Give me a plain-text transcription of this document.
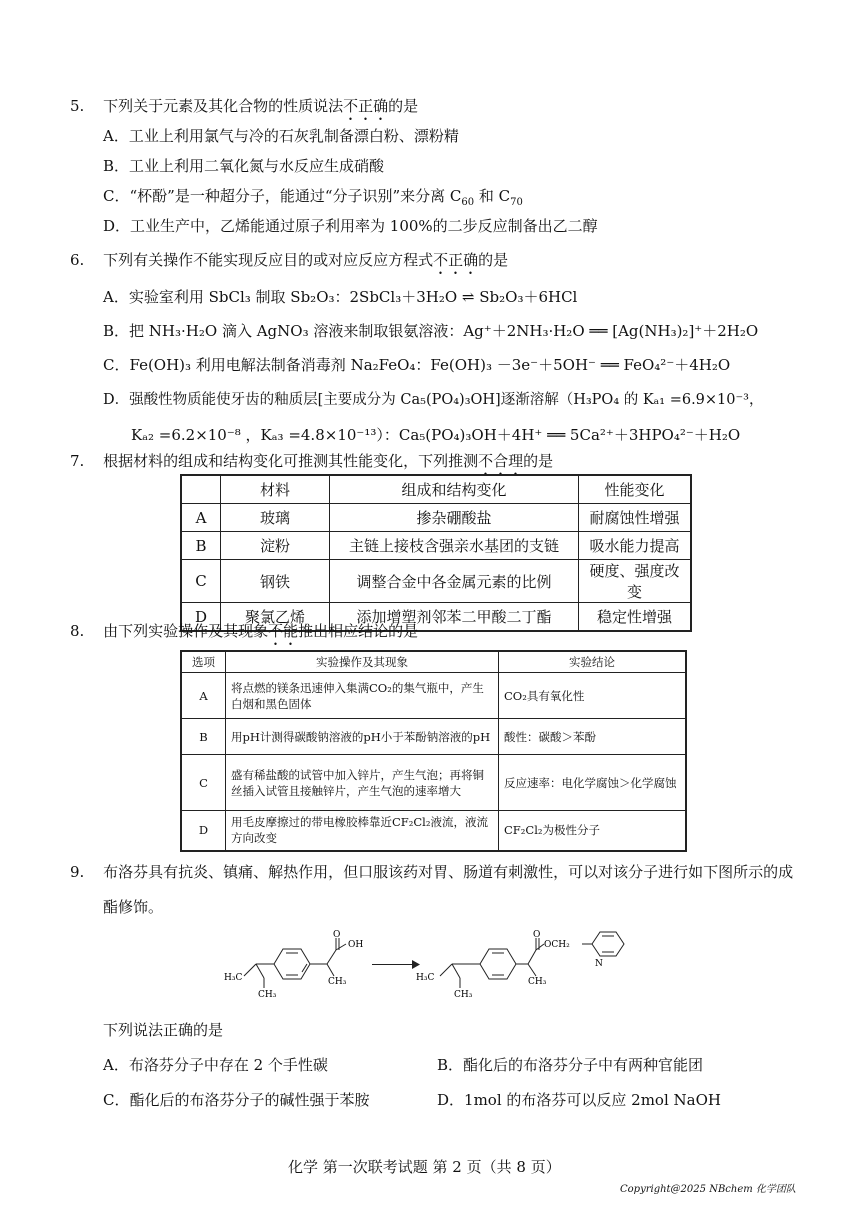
5. 下列关于元素及其化合物的性质说法不正确的是
A．工业上利用氯气与冷的石灰乳制备漂白粉、漂粉精
B．工业上利用二氧化氮与水反应生成硝酸
C．“杯酚”是一种超分子，能通过“分子识别”来分离 $C_{60}$ 和 $C_{70}$
D．工业生产中，乙烯能通过原子利用率为 100%的二步反应制备出乙二醇
6. 下列有关操作不能实现反应目的或对应反应方程式不正确的是
A．实验室利用 SbCl₃ 制取 Sb₂O₃：2SbCl₃＋3H₂O ⇌ Sb₂O₃＋6HCl
B．把 NH₃·H₂O 滴入 AgNO₃ 溶液来制取银氨溶液：Ag⁺＋2NH₃·H₂O ══ [Ag(NH₃)₂]⁺＋2H₂O
C．Fe(OH)₃ 利用电解法制备消毒剂 Na₂FeO₄：Fe(OH)₃ －3e⁻＋5OH⁻ ══ FeO₄²⁻＋4H₂O
D．强酸性物质能使牙齿的釉质层[主要成分为 Ca₅(PO₄)₃OH]逐渐溶解（H₃PO₄ 的 Kₐ₁ =6.9×10⁻³，
Kₐ₂ =6.2×10⁻⁸ ，Kₐ₃ =4.8×10⁻¹³）：Ca₅(PO₄)₃OH＋4H⁺ ══ 5Ca²⁺＋3HPO₄²⁻＋H₂O
7. 根据材料的组成和结构变化可推测其性能变化，下列推测不合理的是
	材料	组成和结构变化	性能变化
A	玻璃	掺杂硼酸盐	耐腐蚀性增强
B	淀粉	主链上接枝含强亲水基团的支链	吸水能力提高
C	钢铁	调整合金中各金属元素的比例	硬度、强度改变
D	聚氯乙烯	添加增塑剂邻苯二甲酸二丁酯	稳定性增强
8. 由下列实验操作及其现象不能推出相应结论的是
选项	实验操作及其现象	实验结论
A	将点燃的镁条迅速伸入集满CO₂的集气瓶中，产生白烟和黑色固体	CO₂具有氧化性
B	用pH计测得碳酸钠溶液的pH小于苯酚钠溶液的pH	酸性：碳酸＞苯酚
C	盛有稀盐酸的试管中加入锌片，产生气泡；再将铜丝插入试管且接触锌片，产生气泡的速率增大	反应速率：电化学腐蚀＞化学腐蚀
D	用毛皮摩擦过的带电橡胶棒靠近CF₂Cl₂液流，液流方向改变	CF₂Cl₂为极性分子
9. 布洛芬具有抗炎、镇痛、解热作用，但口服该药对胃、肠道有刺激性，可以对该分子进行如下图所示的成
酯修饰。
H₃C
CH₃
O
OH
CH₃	H₃C
CH₃
O
OCH₂
CH₃
N
下列说法正确的是
A．布洛芬分子中存在 2 个手性碳	B．酯化后的布洛芬分子中有两种官能团
C．酯化后的布洛芬分子的碱性强于苯胺	D．1mol 的布洛芬可以反应 2mol NaOH
化学 第一次联考试题 第 2 页（共 8 页）
Copyright@2025 NBchem 化学团队
